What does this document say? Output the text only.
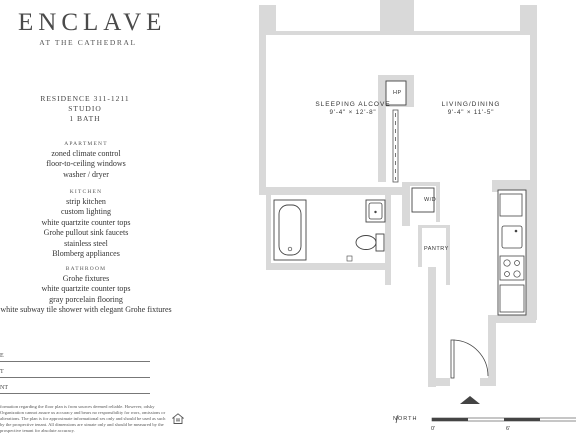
ENCLAVE
AT THE CATHEDRAL
RESIDENCE 311-1211
STUDIO
1 BATH
APARTMENT
zoned climate control
floor-to-ceiling windows
washer / dryer
KITCHEN
strip kitchen
custom lighting
white quartzite counter tops
Grohe pullout sink faucets
stainless steel
Blomberg appliances
BATHROOM
Grohe fixtures
white quartzite counter tops
gray porcelain flooring
white subway tile shower with elegant Grohe fixtures
E
T
NT
formation regarding the floor plan is from sources deemed reliable. However, odsky Organization cannot assure us accuracy and bears no responsibility for rrors, omissions or alterations. The plan is for approximate informational ses only and should be used as such by the prospective tenant. All dimensions are ximate only and should be measured by the prospective tenant for absolute accuracy.
SLEEPING ALCOVE
9'-4" × 12'-8"
LIVING/DINING
9'-4" × 11'-5"
HP
W/D
PANTRY
NORTH
0'	6'
